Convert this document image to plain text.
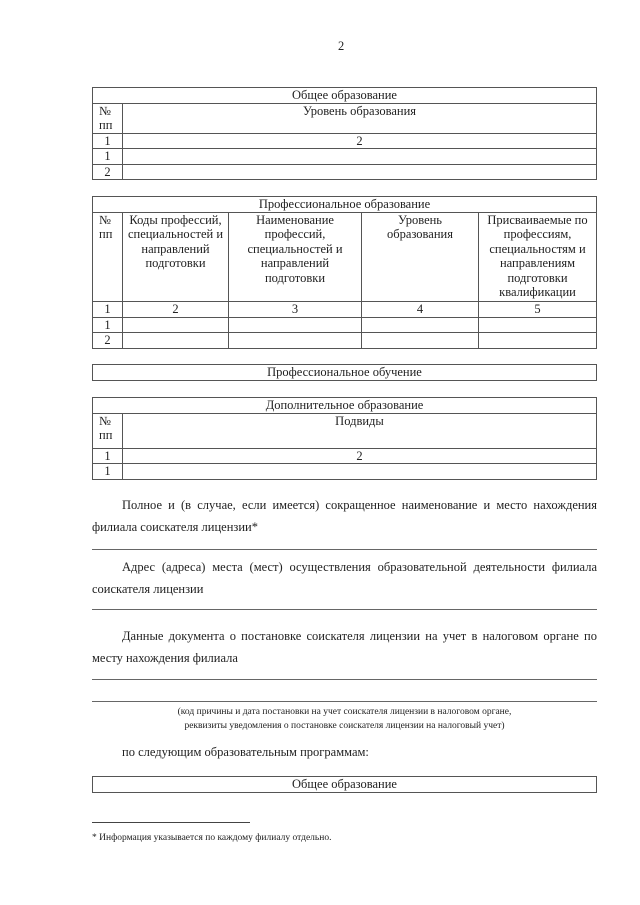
2
Общее образование	
№ пп	Уровень образования
1	2
1	
2	
Профессиональное образование				
№ пп	Коды профессий, специальностей и направлений подготовки	Наименование профессий, специальностей и направлений подготовки	Уровень образования	Присваиваемые по профессиям, специальностям и направлениям подготовки квалификации
1	2	3	4	5
1				
2				
Профессиональное обучение
Дополнительное образование	
№ пп	Подвиды
1	2
1	
Полное и (в случае, если имеется) сокращенное наименование и место нахождения филиала соискателя лицензии*
Адрес (адреса) места (мест) осуществления образовательной деятельности филиала соискателя лицензии
Данные документа о постановке соискателя лицензии на учет в налоговом органе по месту нахождения филиала
(код причины и дата постановки на учет соискателя лицензии в налоговом органе,
реквизиты уведомления о постановке соискателя лицензии на налоговый учет)
по следующим образовательным программам:
Общее образование
* Информация указывается по каждому филиалу отдельно.
